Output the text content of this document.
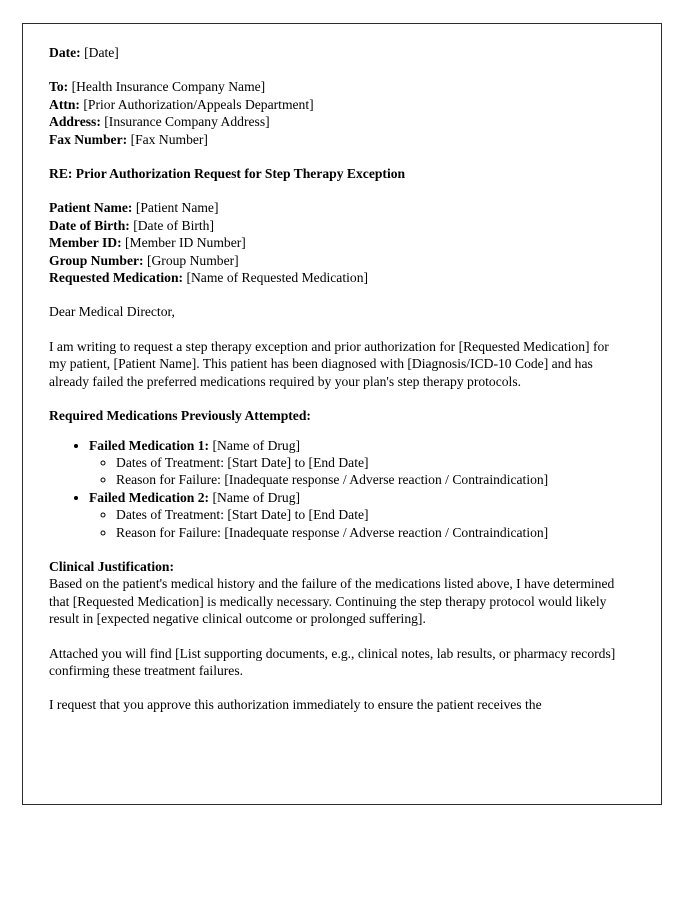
Date: [Date]
To: [Health Insurance Company Name]
Attn: [Prior Authorization/Appeals Department]
Address: [Insurance Company Address]
Fax Number: [Fax Number]
RE: Prior Authorization Request for Step Therapy Exception
Patient Name: [Patient Name]
Date of Birth: [Date of Birth]
Member ID: [Member ID Number]
Group Number: [Group Number]
Requested Medication: [Name of Requested Medication]

Dear Medical Director,

I am writing to request a step therapy exception and prior authorization for [Requested Medication] for my patient, [Patient Name]. This patient has been diagnosed with [Diagnosis/ICD-10 Code] and has already failed the preferred medications required by your plan's step therapy protocols.

Required Medications Previously Attempted:

• Failed Medication 1: [Name of Drug]
◦ Dates of Treatment: [Start Date] to [End Date]
◦ Reason for Failure: [Inadequate response / Adverse reaction / Contraindication]
• Failed Medication 2: [Name of Drug]
◦ Dates of Treatment: [Start Date] to [End Date]
◦ Reason for Failure: [Inadequate response / Adverse reaction / Contraindication]

Clinical Justification:

Based on the patient's medical history and the failure of the medications listed above, I have determined that [Requested Medication] is medically necessary. Continuing the step therapy protocol would likely result in [expected negative clinical outcome or prolonged suffering].

Attached you will find [List supporting documents, e.g., clinical notes, lab results, or pharmacy records] confirming these treatment failures.

I request that you approve this authorization immediately to ensure the patient receives the
